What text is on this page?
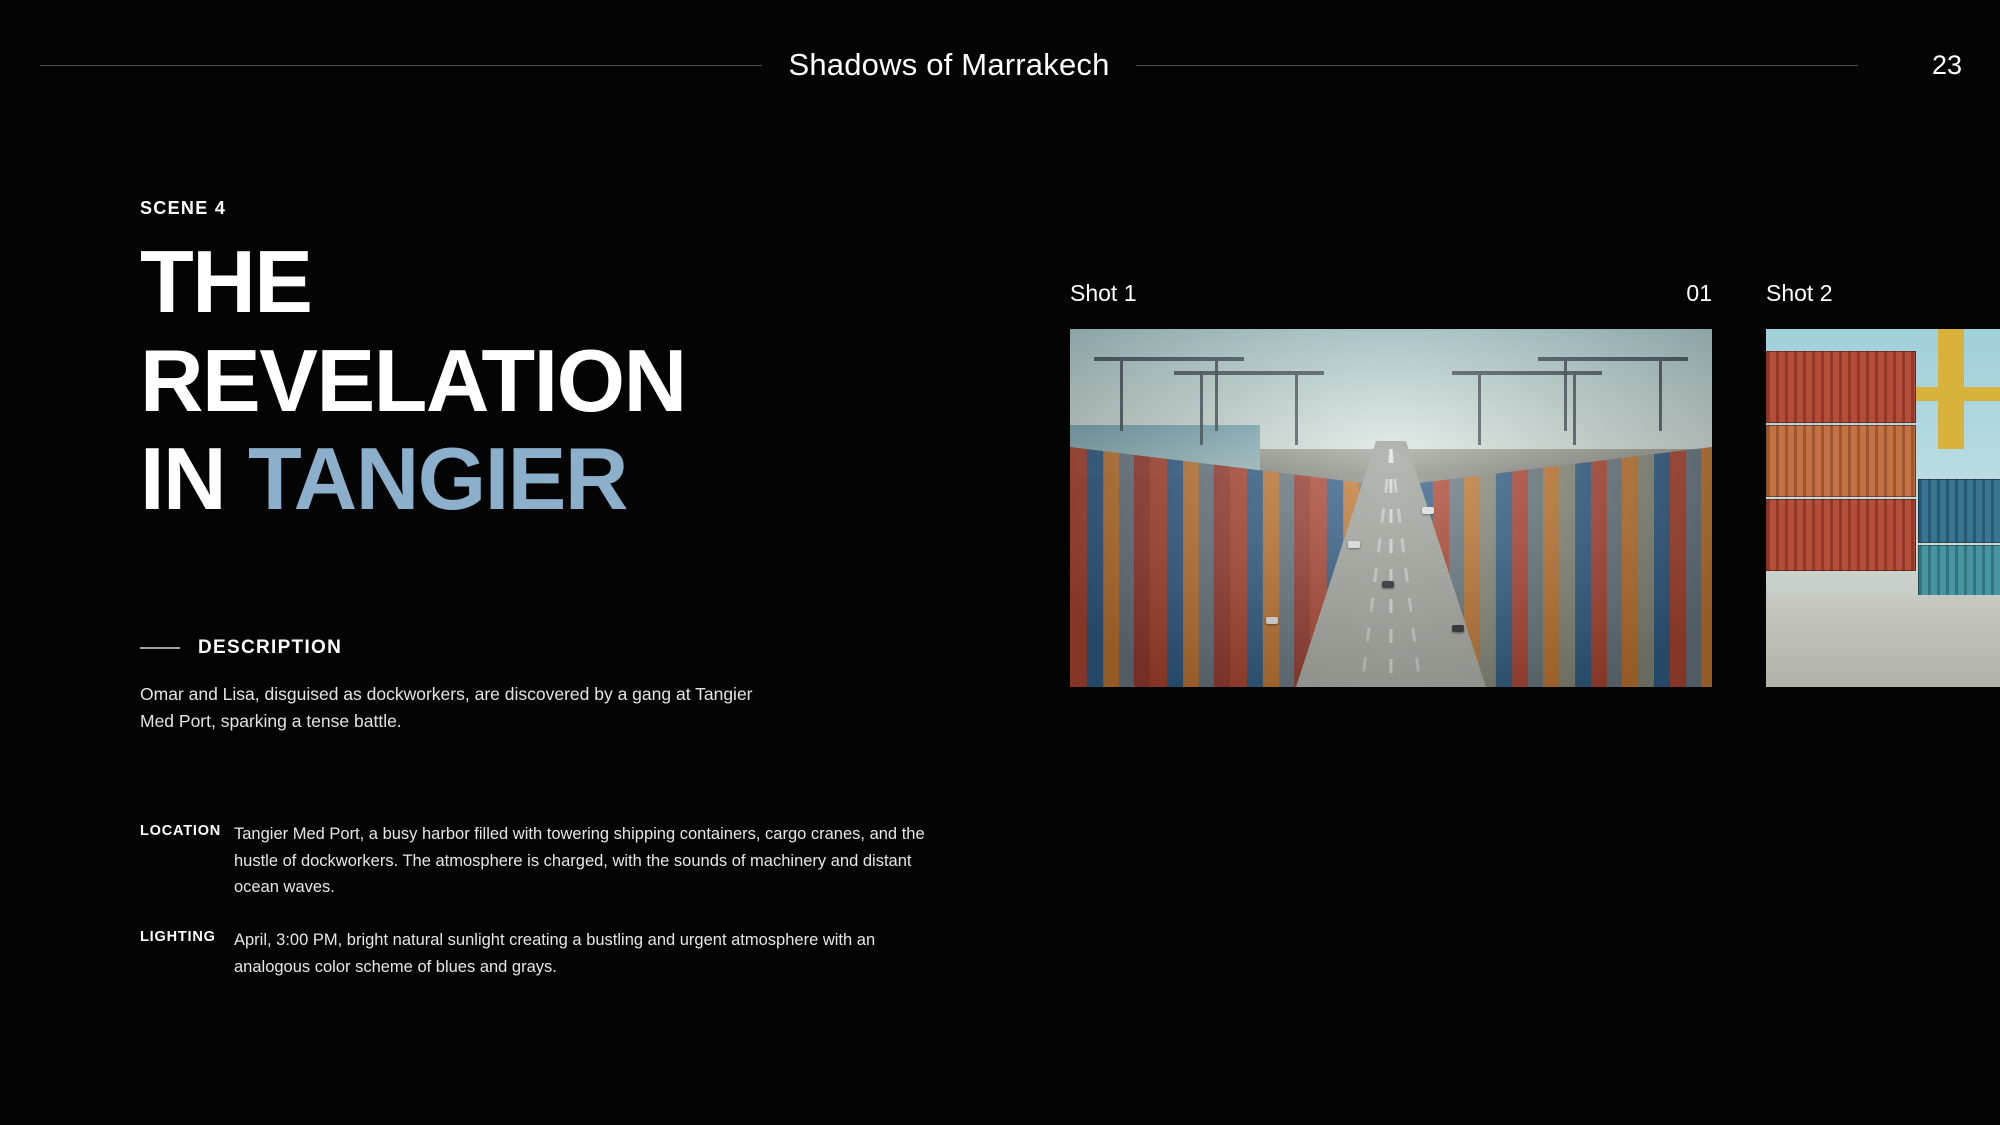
Shadows of Marrakech	23
SCENE 4
THE
REVELATION
IN TANGIER
DESCRIPTION
Omar and Lisa, disguised as dockworkers, are discovered by a gang at Tangier Med Port, sparking a tense battle.
LOCATION Tangier Med Port, a busy harbor filled with towering shipping containers, cargo cranes, and the hustle of dockworkers. The atmosphere is charged, with the sounds of machinery and distant ocean waves.
LIGHTING	April, 3:00 PM, bright natural sunlight creating a bustling and urgent atmosphere with an analogous color scheme of blues and grays.
Shot 1	01 Shot 2
